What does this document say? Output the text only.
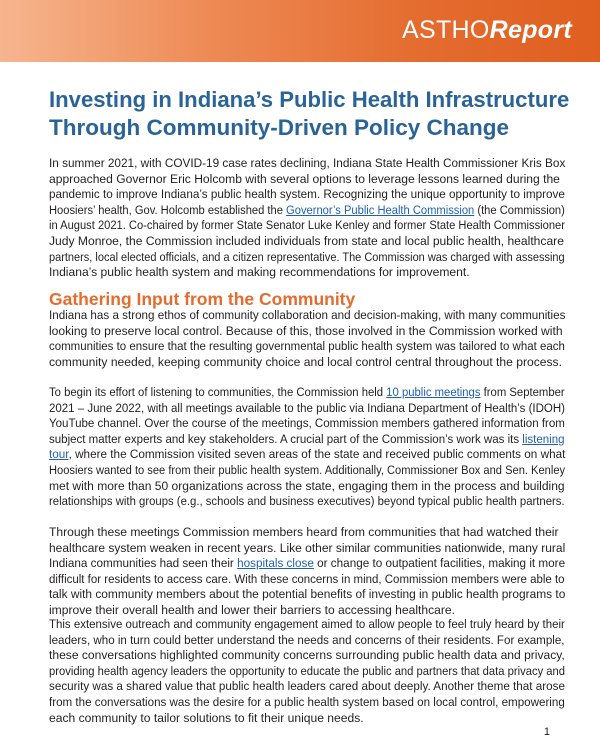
ASTHOReport
Investing in Indiana’s Public Health Infrastructure
Through Community-Driven Policy Change

In summer 2021, with COVID-19 case rates declining, Indiana State Health Commissioner Kris Box
approached Governor Eric Holcomb with several options to leverage lessons learned during the
pandemic to improve Indiana’s public health system. Recognizing the unique opportunity to improve
Hoosiers’ health, Gov. Holcomb established the Governor’s Public Health Commission (the Commission)
in August 2021. Co-chaired by former State Senator Luke Kenley and former State Health Commissioner
Judy Monroe, the Commission included individuals from state and local public health, healthcare
partners, local elected officials, and a citizen representative. The Commission was charged with assessing
Indiana’s public health system and making recommendations for improvement.

Gathering Input from the Community

Indiana has a strong ethos of community collaboration and decision-making, with many communities
looking to preserve local control. Because of this, those involved in the Commission worked with
communities to ensure that the resulting governmental public health system was tailored to what each
community needed, keeping community choice and local control central throughout the process.

To begin its effort of listening to communities, the Commission held 10 public meetings from September
2021 – June 2022, with all meetings available to the public via Indiana Department of Health’s (IDOH)
YouTube channel. Over the course of the meetings, Commission members gathered information from
subject matter experts and key stakeholders. A crucial part of the Commission’s work was its listening
tour, where the Commission visited seven areas of the state and received public comments on what
Hoosiers wanted to see from their public health system. Additionally, Commissioner Box and Sen. Kenley
met with more than 50 organizations across the state, engaging them in the process and building
relationships with groups (e.g., schools and business executives) beyond typical public health partners.

Through these meetings Commission members heard from communities that had watched their
healthcare system weaken in recent years. Like other similar communities nationwide, many rural
Indiana communities had seen their hospitals close or change to outpatient facilities, making it more
difficult for residents to access care. With these concerns in mind, Commission members were able to
talk with community members about the potential benefits of investing in public health programs to
improve their overall health and lower their barriers to accessing healthcare.

This extensive outreach and community engagement aimed to allow people to feel truly heard by their
leaders, who in turn could better understand the needs and concerns of their residents. For example,
these conversations highlighted community concerns surrounding public health data and privacy,
providing health agency leaders the opportunity to educate the public and partners that data privacy and
security was a shared value that public health leaders cared about deeply. Another theme that arose
from the conversations was the desire for a public health system based on local control, empowering
each community to tailor solutions to fit their unique needs.

1
